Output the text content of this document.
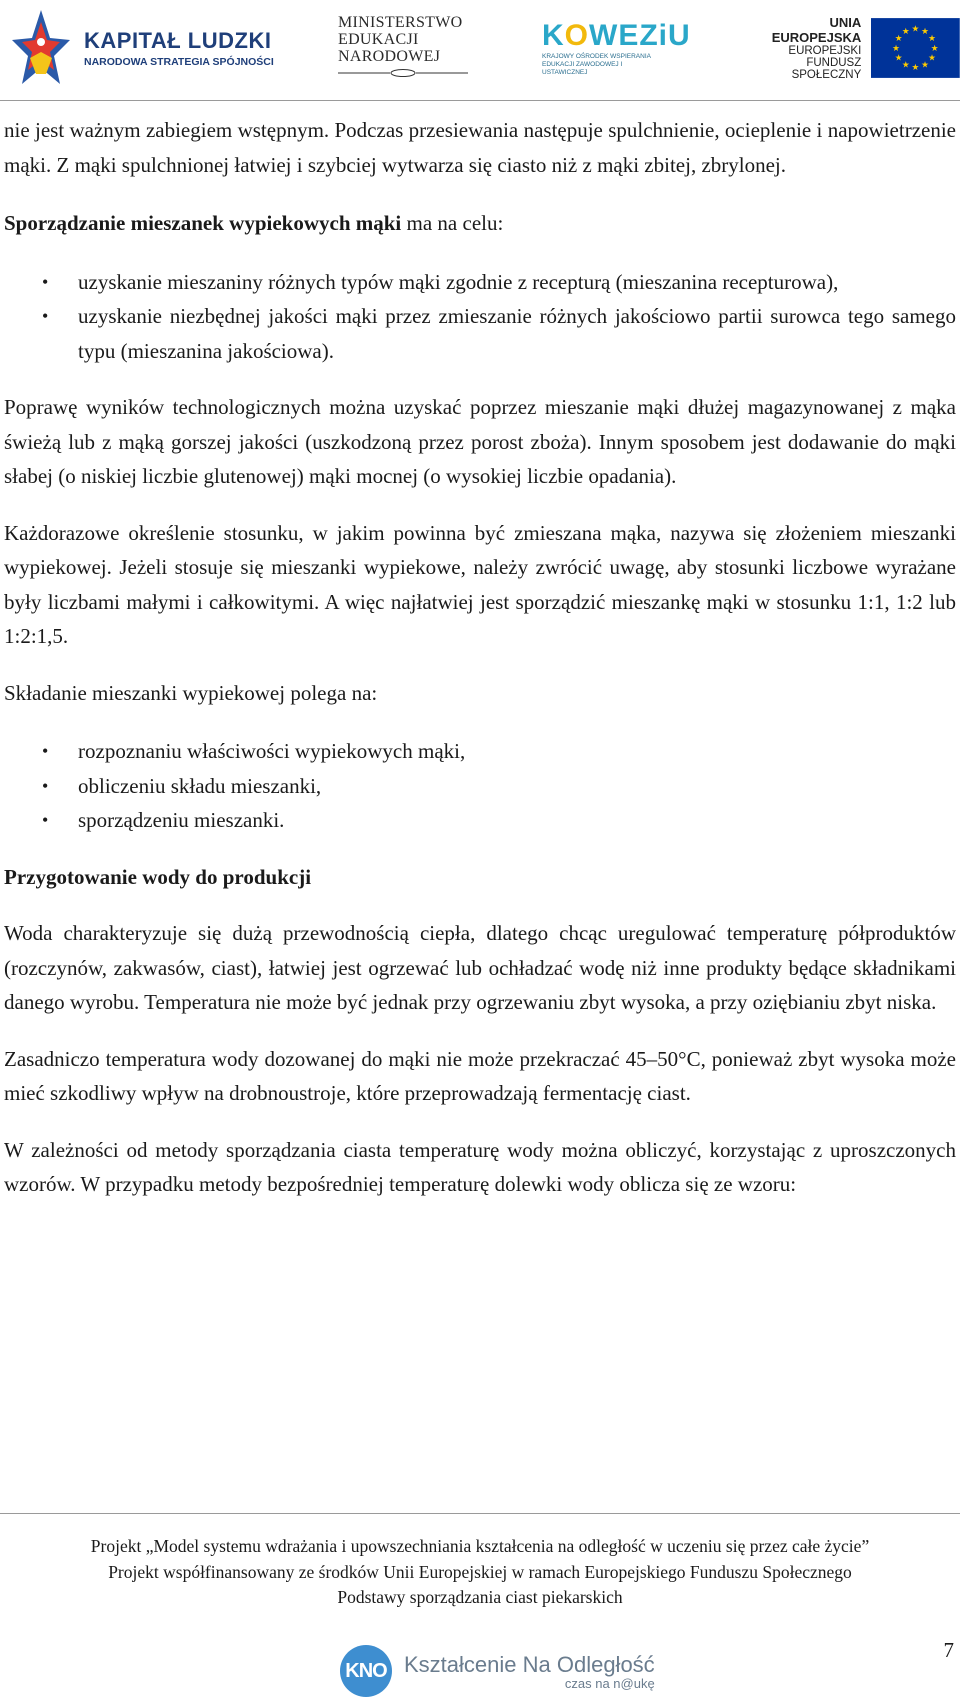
KAPITAŁ LUDZKI
NARODOWA STRATEGIA SPÓJNOŚCI
MINISTERSTWO
EDUKACJI
NARODOWEJ
KOWEZiU
KRAJOWY OŚRODEK WSPIERANIA EDUKACJI ZAWODOWEJ I USTAWICZNEJ
UNIA EUROPEJSKA
EUROPEJSKI
FUNDUSZ SPOŁECZNY
★ ★
★
★
★
★
★
★
★
★
★
★

nie jest ważnym zabiegiem wstępnym. Podczas przesiewania następuje spulchnienie, ocieplenie i napowietrzenie mąki. Z mąki spulchnionej łatwiej i szybciej wytwarza się ciasto niż z mąki zbitej, zbrylonej.

Sporządzanie mieszanek wypiekowych mąki ma na celu:

• uzyskanie mieszaniny różnych typów mąki zgodnie z recepturą (mieszanina recepturowa),
• uzyskanie niezbędnej jakości mąki przez zmieszanie różnych jakościowo partii surowca tego samego typu (mieszanina jakościowa).

Poprawę wyników technologicznych można uzyskać poprzez mieszanie mąki dłużej magazynowanej z mąka świeżą lub z mąką gorszej jakości (uszkodzoną przez porost zboża). Innym sposobem jest dodawanie do mąki słabej (o niskiej liczbie glutenowej) mąki mocnej (o wysokiej liczbie opadania).

Każdorazowe określenie stosunku, w jakim powinna być zmieszana mąka, nazywa się złożeniem mieszanki wypiekowej. Jeżeli stosuje się mieszanki wypiekowe, należy zwrócić uwagę, aby stosunki liczbowe wyrażane były liczbami małymi i całkowitymi. A więc najłatwiej jest sporządzić mieszankę mąki w stosunku 1:1, 1:2 lub 1:2:1,5.

Składanie mieszanki wypiekowej polega na:

• rozpoznaniu właściwości wypiekowych mąki,
• obliczeniu składu mieszanki,
• sporządzeniu mieszanki.

Przygotowanie wody do produkcji

Woda charakteryzuje się dużą przewodnością ciepła, dlatego chcąc uregulować temperaturę półproduktów (rozczynów, zakwasów, ciast), łatwiej jest ogrzewać lub ochładzać wodę niż inne produkty będące składnikami danego wyrobu. Temperatura nie może być jednak przy ogrzewaniu zbyt wysoka, a przy oziębianiu zbyt niska.

Zasadniczo temperatura wody dozowanej do mąki nie może przekraczać 45–50°C, ponieważ zbyt wysoka może mieć szkodliwy wpływ na drobnoustroje, które przeprowadzają fermentację ciast.

W zależności od metody sporządzania ciasta temperaturę wody można obliczyć, korzystając z uproszczonych wzorów. W przypadku metody bezpośredniej temperaturę dolewki wody oblicza się ze wzoru:

Projekt „Model systemu wdrażania i upowszechniania kształcenia na odległość w uczeniu się przez całe życie”
Projekt współfinansowany ze środków Unii Europejskiej w ramach Europejskiego Funduszu Społecznego
Podstawy sporządzania ciast piekarskich
7
KNO Kształcenie Na Odległość
czas na n@ukę
